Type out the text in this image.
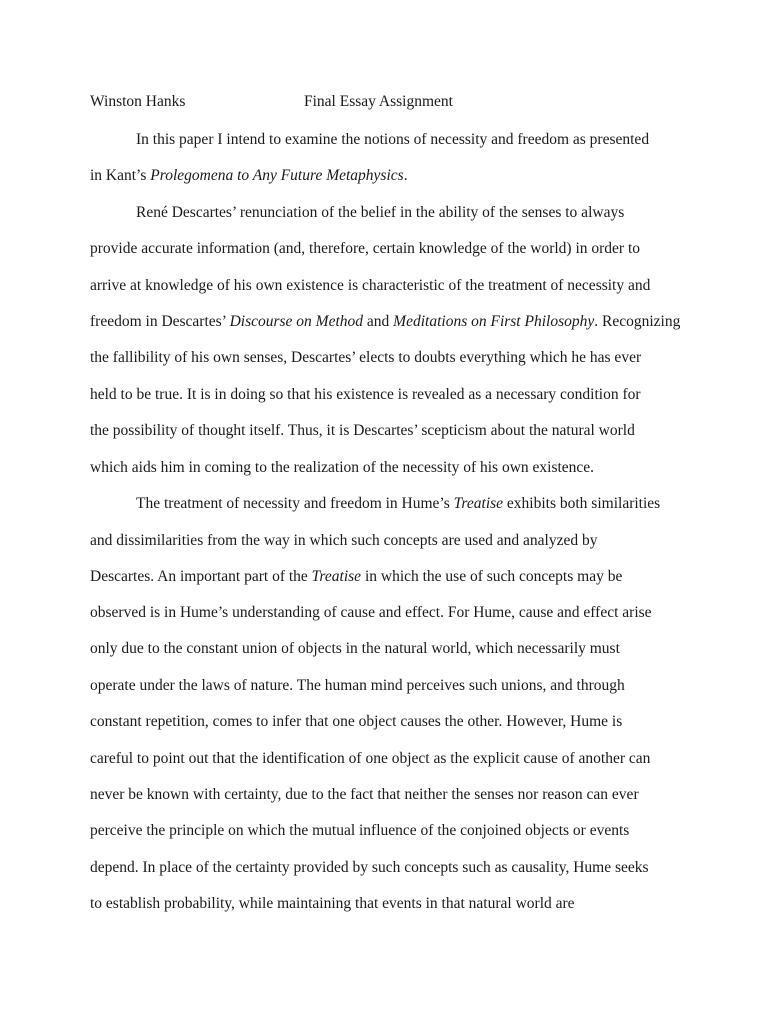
Winston Hanks	Final Essay Assignment
In this paper I intend to examine the notions of necessity and freedom as presented
in Kant’s Prolegomena to Any Future Metaphysics.
René Descartes’ renunciation of the belief in the ability of the senses to always
provide accurate information (and, therefore, certain knowledge of the world) in order to
arrive at knowledge of his own existence is characteristic of the treatment of necessity and
freedom in Descartes’ Discourse on Method and Meditations on First Philosophy. Recognizing
the fallibility of his own senses, Descartes’ elects to doubts everything which he has ever
held to be true. It is in doing so that his existence is revealed as a necessary condition for
the possibility of thought itself. Thus, it is Descartes’ scepticism about the natural world
which aids him in coming to the realization of the necessity of his own existence.
The treatment of necessity and freedom in Hume’s Treatise exhibits both similarities
and dissimilarities from the way in which such concepts are used and analyzed by
Descartes. An important part of the Treatise in which the use of such concepts may be
observed is in Hume’s understanding of cause and effect. For Hume, cause and effect arise
only due to the constant union of objects in the natural world, which necessarily must
operate under the laws of nature. The human mind perceives such unions, and through
constant repetition, comes to infer that one object causes the other. However, Hume is
careful to point out that the identification of one object as the explicit cause of another can
never be known with certainty, due to the fact that neither the senses nor reason can ever
perceive the principle on which the mutual influence of the conjoined objects or events
depend. In place of the certainty provided by such concepts such as causality, Hume seeks
to establish probability, while maintaining that events in that natural world are
